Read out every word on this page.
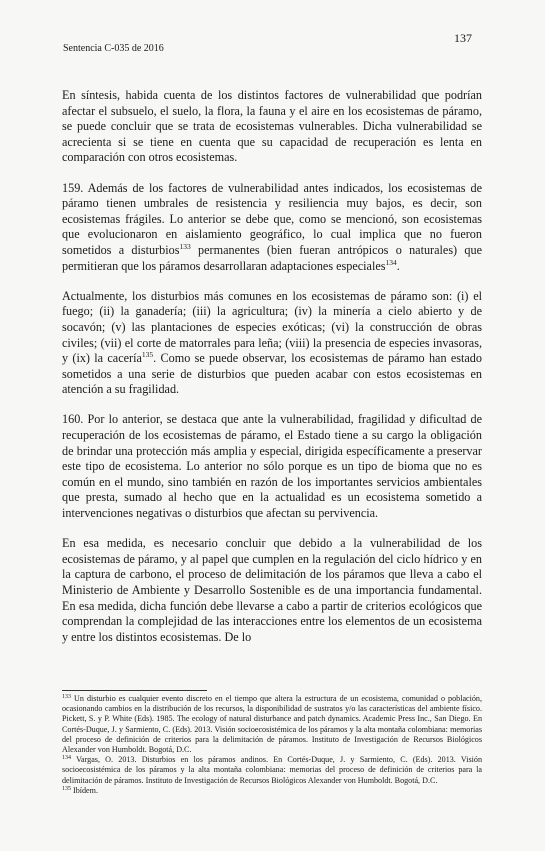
137
Sentencia C-035 de 2016

En síntesis, habida cuenta de los distintos factores de vulnerabilidad que podrían afectar el subsuelo, el suelo, la flora, la fauna y el aire en los ecosistemas de páramo, se puede concluir que se trata de ecosistemas vulnerables. Dicha vulnerabilidad se acrecienta si se tiene en cuenta que su capacidad de recuperación es lenta en comparación con otros ecosistemas.

159. Además de los factores de vulnerabilidad antes indicados, los ecosistemas de páramo tienen umbrales de resistencia y resiliencia muy bajos, es decir, son ecosistemas frágiles. Lo anterior se debe que, como se mencionó, son ecosistemas que evolucionaron en aislamiento geográfico, lo cual implica que no fueron sometidos a disturbios$^{133}$ permanentes (bien fueran antrópicos o naturales) que permitieran que los páramos desarrollaran adaptaciones especiales$^{134}$.

Actualmente, los disturbios más comunes en los ecosistemas de páramo son: (i) el fuego; (ii) la ganadería; (iii) la agricultura; (iv) la minería a cielo abierto y de socavón; (v) las plantaciones de especies exóticas; (vi) la construcción de obras civiles; (vii) el corte de matorrales para leña; (viii) la presencia de especies invasoras, y (ix) la cacería$^{135}$. Como se puede observar, los ecosistemas de páramo han estado sometidos a una serie de disturbios que pueden acabar con estos ecosistemas en atención a su fragilidad.

160. Por lo anterior, se destaca que ante la vulnerabilidad, fragilidad y dificultad de recuperación de los ecosistemas de páramo, el Estado tiene a su cargo la obligación de brindar una protección más amplia y especial, dirigida específicamente a preservar este tipo de ecosistema. Lo anterior no sólo porque es un tipo de bioma que no es común en el mundo, sino también en razón de los importantes servicios ambientales que presta, sumado al hecho que en la actualidad es un ecosistema sometido a intervenciones negativas o disturbios que afectan su pervivencia.

En esa medida, es necesario concluir que debido a la vulnerabilidad de los ecosistemas de páramo, y al papel que cumplen en la regulación del ciclo hídrico y en la captura de carbono, el proceso de delimitación de los páramos que lleva a cabo el Ministerio de Ambiente y Desarrollo Sostenible es de una importancia fundamental. En esa medida, dicha función debe llevarse a cabo a partir de criterios ecológicos que comprendan la complejidad de las interacciones entre los elementos de un ecosistema y entre los distintos ecosistemas. De lo

$^{133}$ Un disturbio es cualquier evento discreto en el tiempo que altera la estructura de un ecosistema, comunidad o población, ocasionando cambios en la distribución de los recursos, la disponibilidad de sustratos y/o las características del ambiente físico. Pickett, S. y P. White (Eds). 1985. The ecology of natural disturbance and patch dynamics. Academic Press Inc., San Diego. En Cortés-Duque, J. y Sarmiento, C. (Eds). 2013. Visión socioecosistémica de los páramos y la alta montaña colombiana: memorias del proceso de definición de criterios para la delimitación de páramos. Instituto de Investigación de Recursos Biológicos Alexander von Humboldt. Bogotá, D.C.

$^{134}$ Vargas, O. 2013. Disturbios en los páramos andinos. En Cortés-Duque, J. y Sarmiento, C. (Eds). 2013. Visión socioecosistémica de los páramos y la alta montaña colombiana: memorias del proceso de definición de criterios para la delimitación de páramos. Instituto de Investigación de Recursos Biológicos Alexander von Humboldt. Bogotá, D.C.

$^{135}$ Ibídem.
